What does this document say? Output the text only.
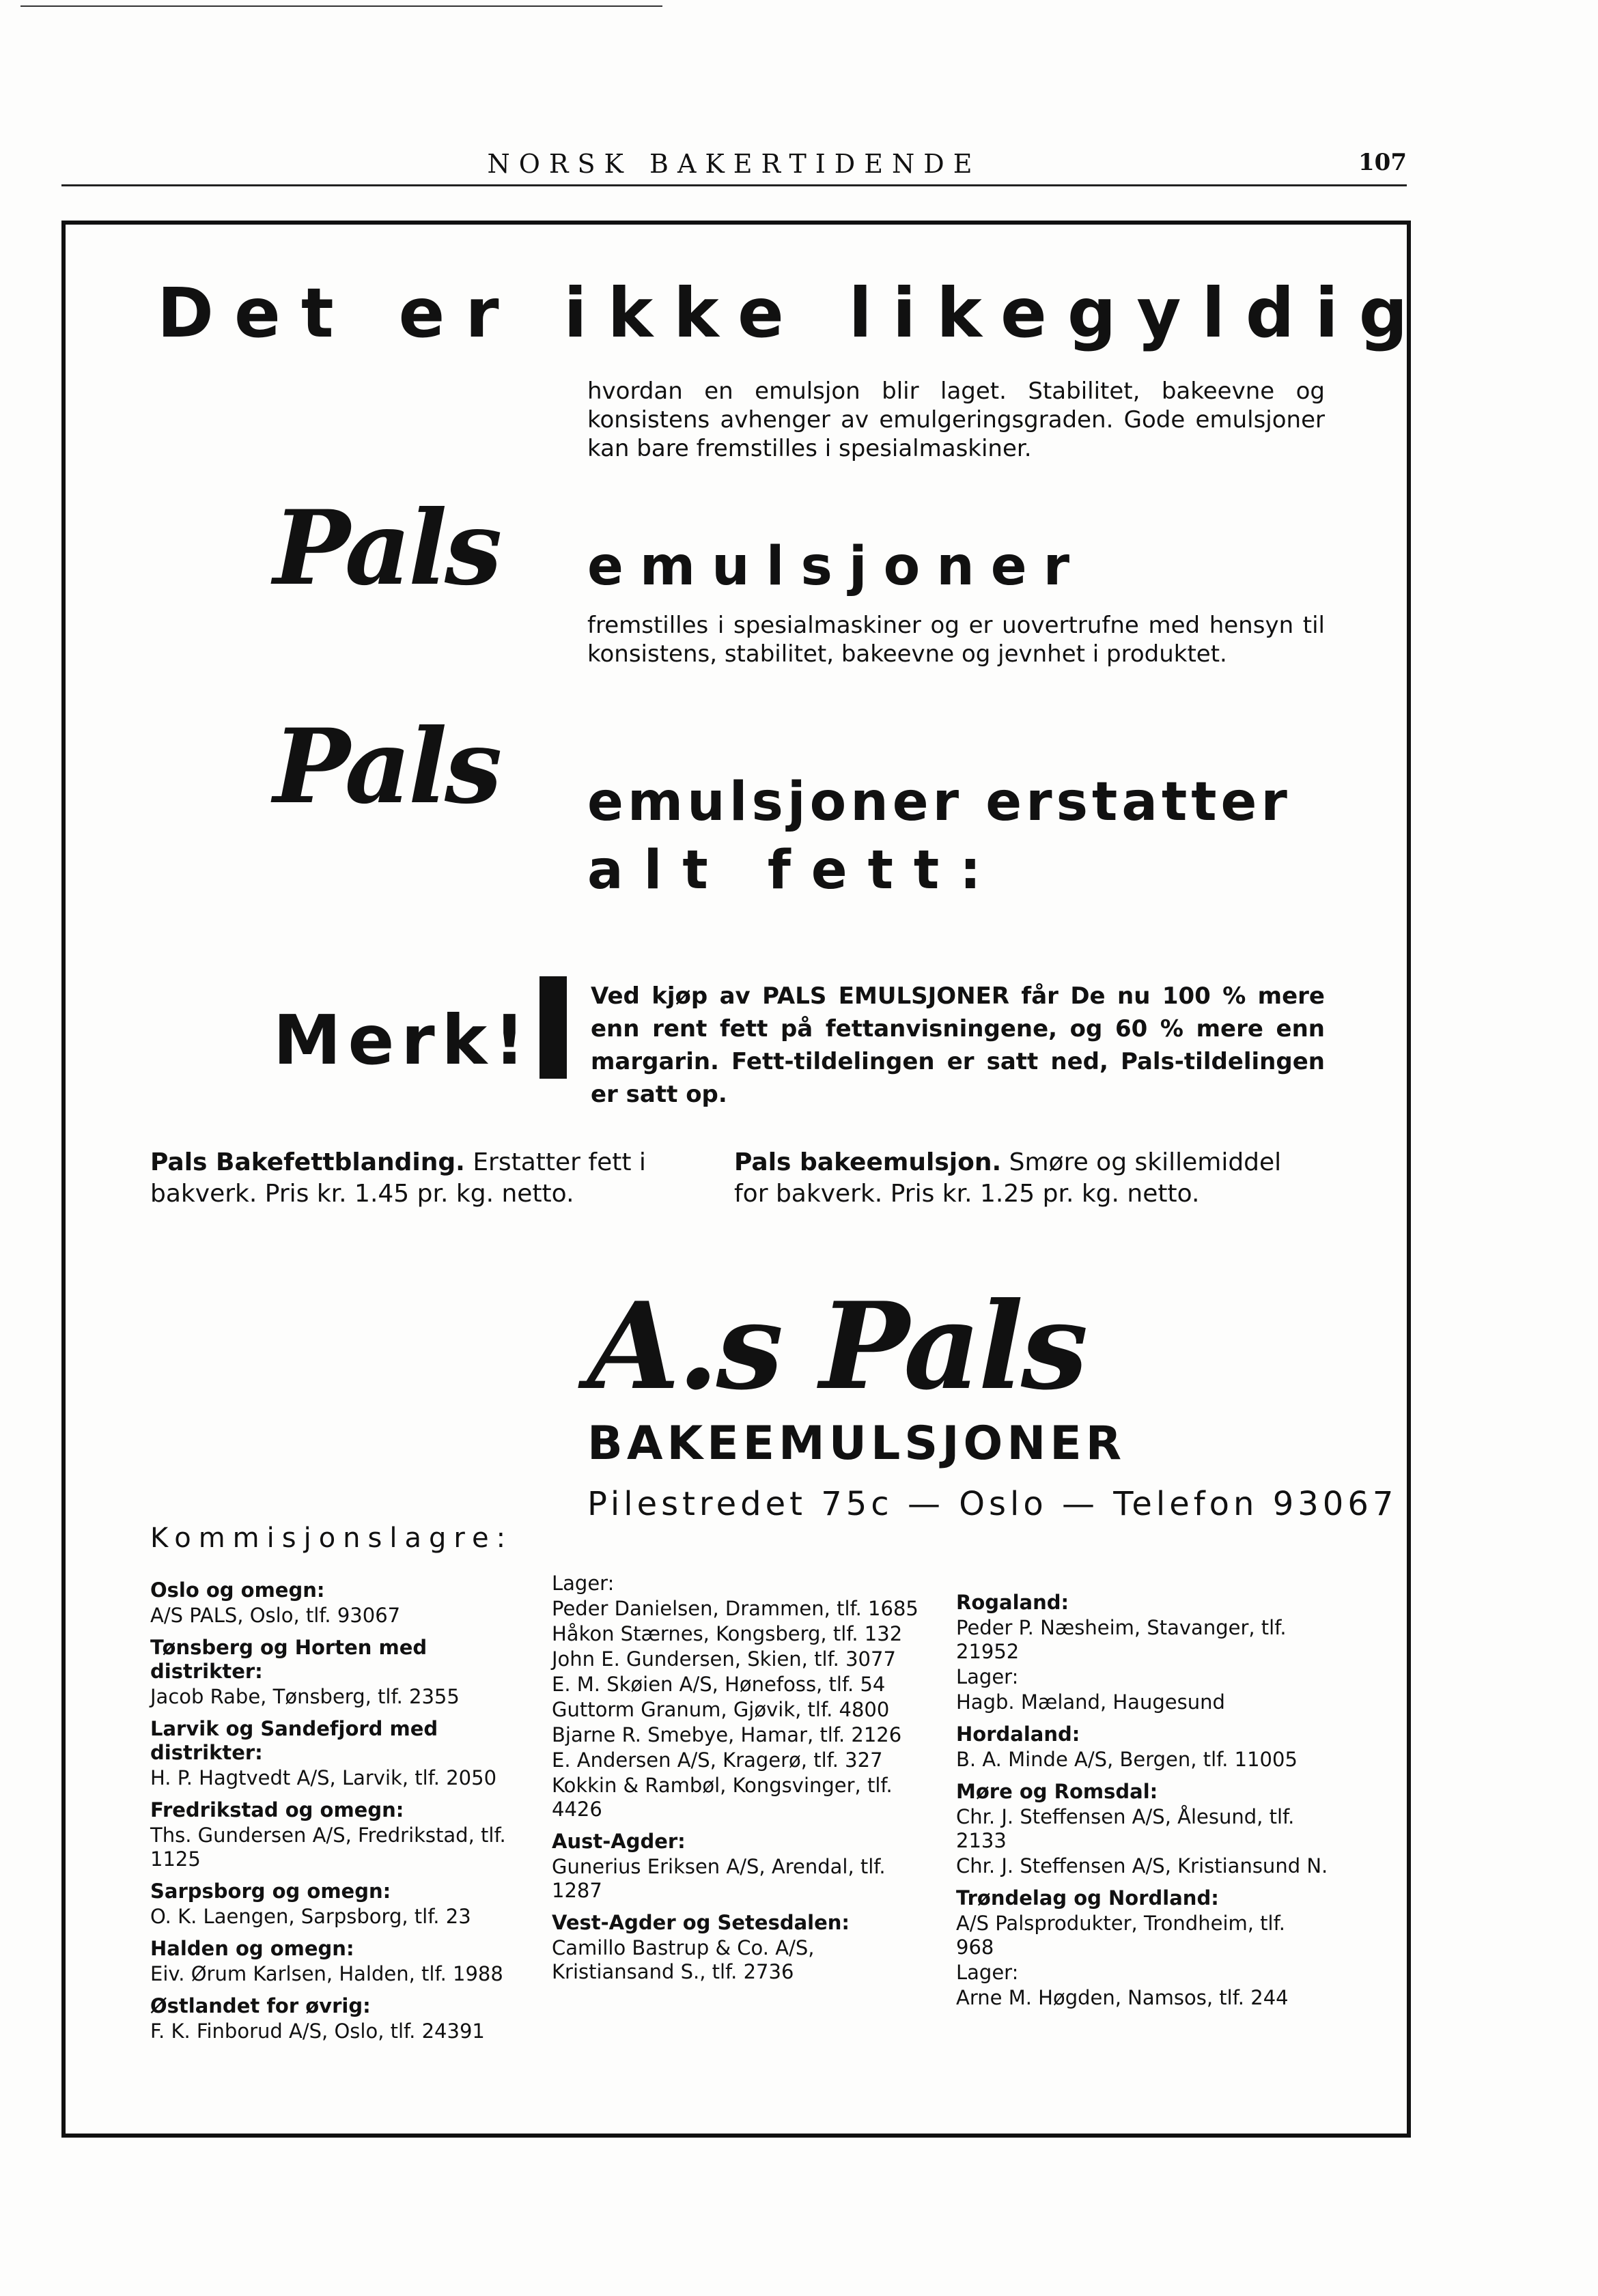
NORSK BAKERTIDENDE	107
Det er ikke likegyldig
hvordan en emulsjon blir laget. Stabilitet, bakeevne og konsistens avhenger av emulgeringsgraden. Gode emulsjoner kan bare fremstilles i spesialmaskiner.
Pals emulsjoner
fremstilles i spesialmaskiner og er uovertrufne med hensyn til konsistens, stabilitet, bakeevne og jevnhet i produktet.
Pals emulsjoner erstatter
alt fett:
Merk!
Ved kjøp av PALS EMULSJONER får De nu 100 % mere enn rent fett på fettanvisningene, og 60 % mere enn margarin. Fett-tildelingen er satt ned, Pals-tildelingen er satt op.
Pals Bakefettblanding. Erstatter fett i bakverk. Pris kr. 1.45 pr. kg. netto.
Pals bakeemulsjon. Smøre og skillemiddel for bakverk. Pris kr. 1.25 pr. kg. netto.
A.s Pals
BAKEEMULSJONER
Pilestredet 75c — Oslo — Telefon 93067
Kommisjonslagre:
Oslo og omegn:
A/S PALS, Oslo, tlf. 93067
Tønsberg og Horten med distrikter:
Jacob Rabe, Tønsberg, tlf. 2355
Larvik og Sandefjord med distrikter:
H. P. Hagtvedt A/S, Larvik, tlf. 2050
Fredrikstad og omegn:
Ths. Gundersen A/S, Fredrikstad, tlf. 1125
Sarpsborg og omegn:
O. K. Laengen, Sarpsborg, tlf. 23
Halden og omegn:
Eiv. Ørum Karlsen, Halden, tlf. 1988
Østlandet for øvrig:
F. K. Finborud A/S, Oslo, tlf. 24391
Lager:
Peder Danielsen, Drammen, tlf. 1685
Håkon Stærnes, Kongsberg, tlf. 132
John E. Gundersen, Skien, tlf. 3077
E. M. Skøien A/S, Hønefoss, tlf. 54
Guttorm Granum, Gjøvik, tlf. 4800
Bjarne R. Smebye, Hamar, tlf. 2126
E. Andersen A/S, Kragerø, tlf. 327
Kokkin & Rambøl, Kongsvinger, tlf. 4426
Aust-Agder:
Gunerius Eriksen A/S, Arendal, tlf. 1287
Vest-Agder og Setesdalen:
Camillo Bastrup & Co. A/S, Kristiansand S., tlf. 2736
Rogaland:
Peder P. Næsheim, Stavanger, tlf. 21952
Lager:
Hagb. Mæland, Haugesund
Hordaland:
B. A. Minde A/S, Bergen, tlf. 11005
Møre og Romsdal:
Chr. J. Steffensen A/S, Ålesund, tlf. 2133
Chr. J. Steffensen A/S, Kristiansund N.
Trøndelag og Nordland:
A/S Palsprodukter, Trondheim, tlf. 968
Lager:
Arne M. Høgden, Namsos, tlf. 244
